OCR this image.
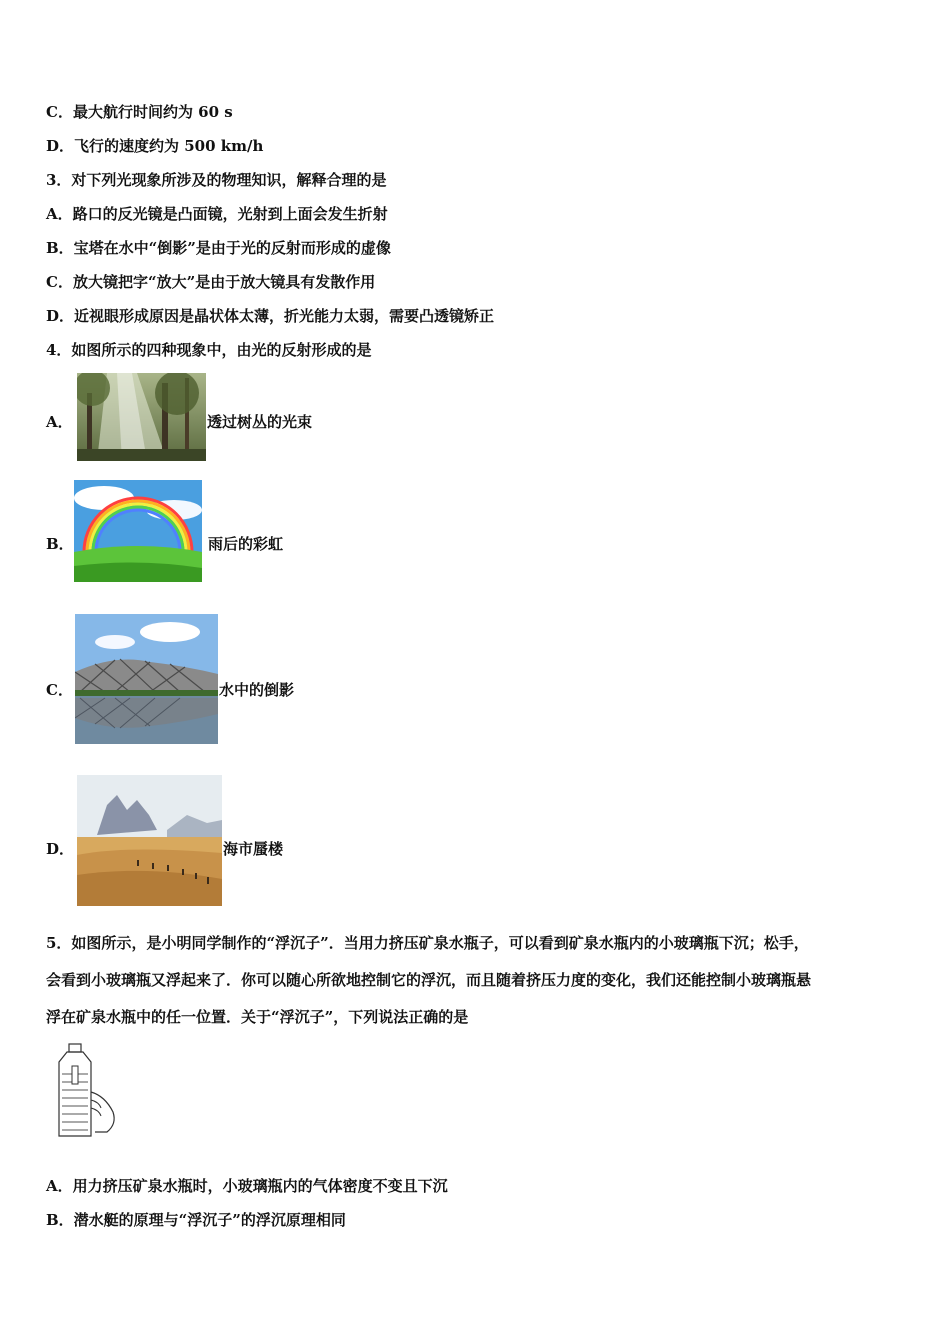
C．最大航行时间约为 60 s
D．飞行的速度约为 500 km/h
3．对下列光现象所涉及的物理知识，解释合理的是
A．路口的反光镜是凸面镜，光射到上面会发生折射
B．宝塔在水中“倒影”是由于光的反射而形成的虚像
C．放大镜把字“放大”是由于放大镜具有发散作用
D．近视眼形成原因是晶状体太薄，折光能力太弱，需要凸透镜矫正
4．如图所示的四种现象中，由光的反射形成的是
A．	透过树丛的光束
B．	雨后的彩虹
C．	水中的倒影
D．	海市蜃楼
5．如图所示，是小明同学制作的“浮沉子”．当用力挤压矿泉水瓶子，可以看到矿泉水瓶内的小玻璃瓶下沉；松手，
会看到小玻璃瓶又浮起来了．你可以随心所欲地控制它的浮沉，而且随着挤压力度的变化，我们还能控制小玻璃瓶悬
浮在矿泉水瓶中的任一位置．关于“浮沉子”，下列说法正确的是
A．用力挤压矿泉水瓶时，小玻璃瓶内的气体密度不变且下沉
B．潜水艇的原理与“浮沉子”的浮沉原理相同
